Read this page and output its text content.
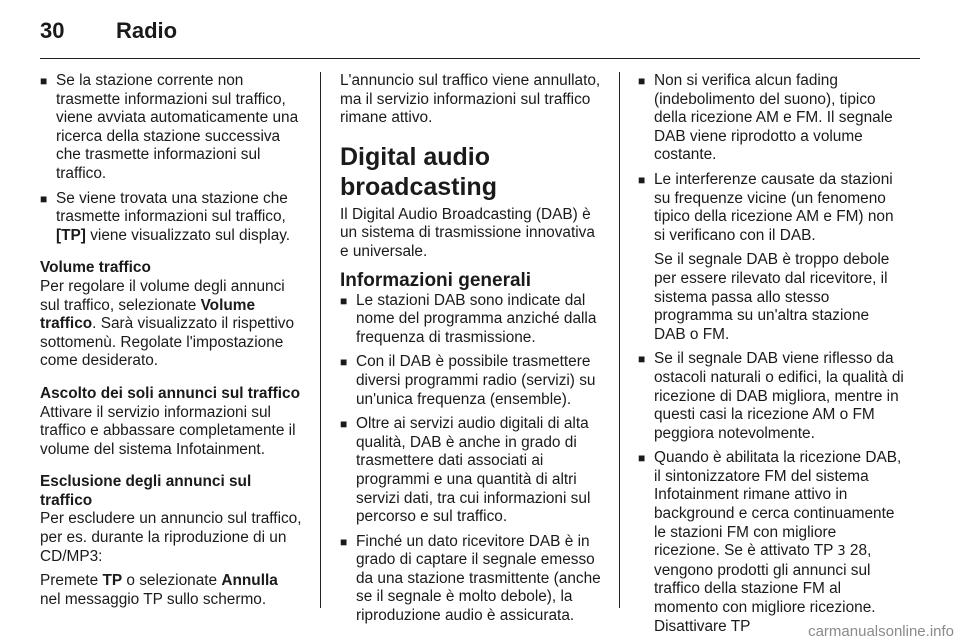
30	Radio
■ Se la stazione corrente non trasmette informazioni sul traffico, viene avviata automaticamente una ricerca della stazione successiva che trasmette informazioni sul traffico.
■ Se viene trovata una stazione che trasmette informazioni sul traffico, [TP] viene visualizzato sul display.
Volume traffico
Per regolare il volume degli annunci sul traffico, selezionate Volume traffico. Sarà visualizzato il rispettivo sottomenù. Regolate l'impostazione come desiderato.
Ascolto dei soli annunci sul traffico
Attivare il servizio informazioni sul traffico e abbassare completamente il volume del sistema Infotainment.
Esclusione degli annunci sul traffico
Per escludere un annuncio sul traffico, per es. durante la riproduzione di un CD/MP3:
Premete TP o selezionate Annulla nel messaggio TP sullo schermo.
L'annuncio sul traffico viene annullato, ma il servizio informazioni sul traffico rimane attivo.
Digital audio broadcasting
Il Digital Audio Broadcasting (DAB) è un sistema di trasmissione innovativa e universale.
Informazioni generali
■ Le stazioni DAB sono indicate dal nome del programma anziché dalla frequenza di trasmissione.
■ Con il DAB è possibile trasmettere diversi programmi radio (servizi) su un'unica frequenza (ensemble).
■ Oltre ai servizi audio digitali di alta qualità, DAB è anche in grado di trasmettere dati associati ai programmi e una quantità di altri servizi dati, tra cui informazioni sul percorso e sul traffico.
■ Finché un dato ricevitore DAB è in grado di captare il segnale emesso da una stazione trasmittente (anche se il segnale è molto debole), la riproduzione audio è assicurata.
■ Non si verifica alcun fading (indebolimento del suono), tipico della ricezione AM e FM. Il segnale DAB viene riprodotto a volume costante.
■ Le interferenze causate da stazioni su frequenze vicine (un fenomeno tipico della ricezione AM e FM) non si verificano con il DAB.
Se il segnale DAB è troppo debole per essere rilevato dal ricevitore, il sistema passa allo stesso programma su un'altra stazione DAB o FM.
■ Se il segnale DAB viene riflesso da ostacoli naturali o edifici, la qualità di ricezione di DAB migliora, mentre in questi casi la ricezione AM o FM peggiora notevolmente.
■ Quando è abilitata la ricezione DAB, il sintonizzatore FM del sistema Infotainment rimane attivo in background e cerca continuamente le stazioni FM con migliore ricezione. Se è attivato TP 3 28, vengono prodotti gli annunci sul traffico della stazione FM al momento con migliore ricezione. Disattivare TP	carmanualsonline.info
